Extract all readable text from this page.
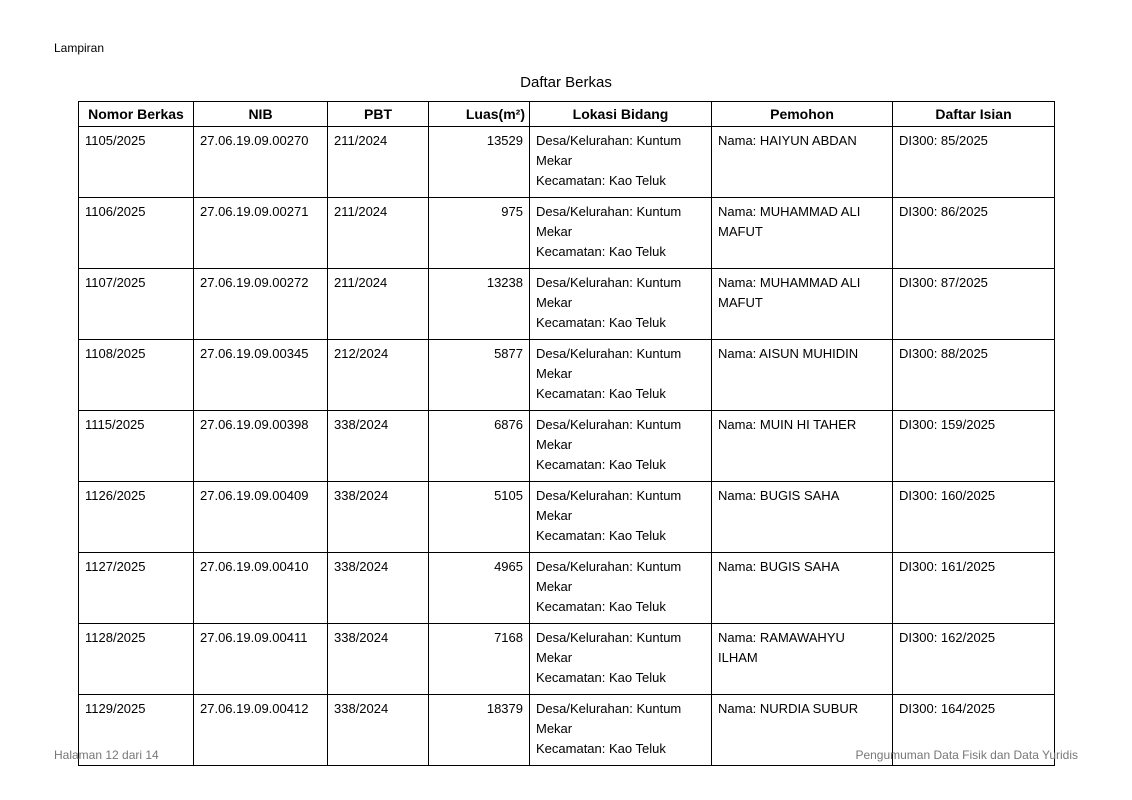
Lampiran
Daftar Berkas
Nomor Berkas	NIB	PBT	Luas(m²)	Lokasi Bidang	Pemohon	Daftar Isian
1105/2025	27.06.19.09.00270	211/2024	13529	Desa/Kelurahan: Kuntum Mekar
Kecamatan: Kao Teluk	Nama: HAIYUN ABDAN	DI300: 85/2025
1106/2025	27.06.19.09.00271	211/2024	975	Desa/Kelurahan: Kuntum Mekar
Kecamatan: Kao Teluk	Nama: MUHAMMAD ALI MAFUT	DI300: 86/2025
1107/2025	27.06.19.09.00272	211/2024	13238	Desa/Kelurahan: Kuntum Mekar
Kecamatan: Kao Teluk	Nama: MUHAMMAD ALI MAFUT	DI300: 87/2025
1108/2025	27.06.19.09.00345	212/2024	5877	Desa/Kelurahan: Kuntum Mekar
Kecamatan: Kao Teluk	Nama: AISUN MUHIDIN	DI300: 88/2025
1115/2025	27.06.19.09.00398	338/2024	6876	Desa/Kelurahan: Kuntum Mekar
Kecamatan: Kao Teluk	Nama: MUIN HI TAHER	DI300: 159/2025
1126/2025	27.06.19.09.00409	338/2024	5105	Desa/Kelurahan: Kuntum Mekar
Kecamatan: Kao Teluk	Nama: BUGIS SAHA	DI300: 160/2025
1127/2025	27.06.19.09.00410	338/2024	4965	Desa/Kelurahan: Kuntum Mekar
Kecamatan: Kao Teluk	Nama: BUGIS SAHA	DI300: 161/2025
1128/2025	27.06.19.09.00411	338/2024	7168	Desa/Kelurahan: Kuntum Mekar
Kecamatan: Kao Teluk	Nama: RAMAWAHYU ILHAM	DI300: 162/2025
1129/2025	27.06.19.09.00412	338/2024	18379	Desa/Kelurahan: Kuntum Mekar
Kecamatan: Kao Teluk	Nama: NURDIA SUBUR	DI300: 164/2025
Halaman 12 dari 14	Pengumuman Data Fisik dan Data Yuridis
